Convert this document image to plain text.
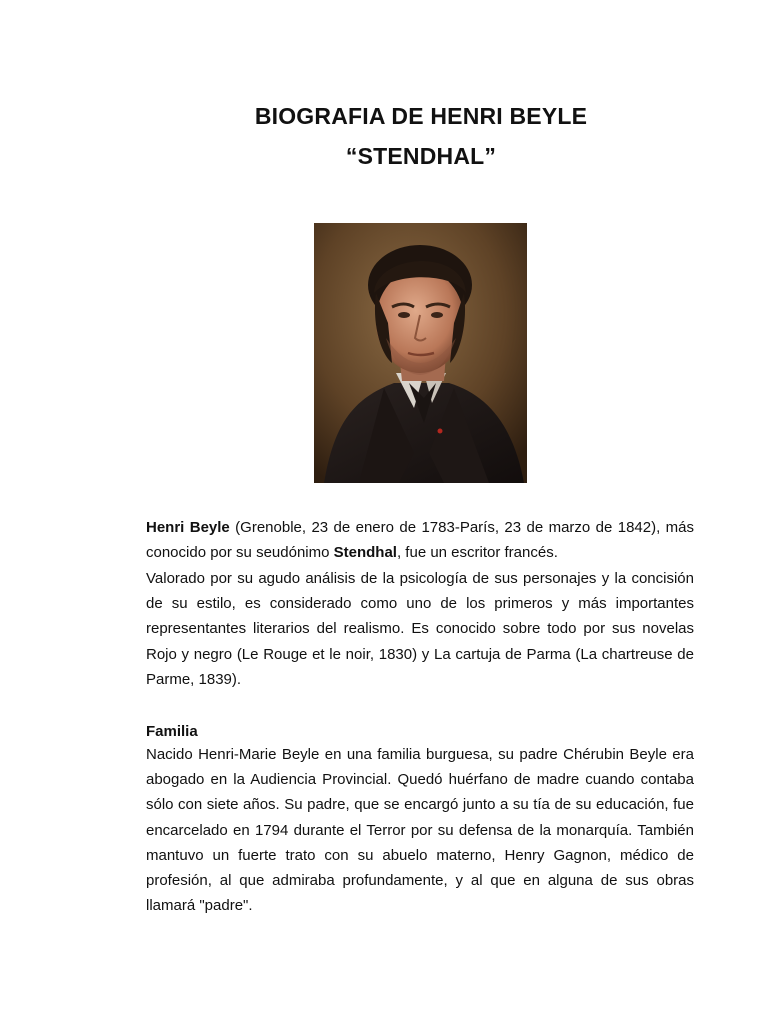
BIOGRAFIA DE HENRI BEYLE
“STENDHAL”

Henri Beyle (Grenoble, 23 de enero de 1783-París, 23 de marzo de 1842), más conocido por su seudónimo Stendhal, fue un escritor francés.

Valorado por su agudo análisis de la psicología de sus personajes y la concisión de su estilo, es considerado como uno de los primeros y más importantes representantes literarios del realismo. Es conocido sobre todo por sus novelas Rojo y negro (Le Rouge et le noir, 1830) y La cartuja de Parma (La chartreuse de Parme, 1839).

Familia

Nacido Henri-Marie Beyle en una familia burguesa, su padre Chérubin Beyle era abogado en la Audiencia Provincial. Quedó huérfano de madre cuando contaba sólo con siete años. Su padre, que se encargó junto a su tía de su educación, fue encarcelado en 1794 durante el Terror por su defensa de la monarquía. También mantuvo un fuerte trato con su abuelo materno, Henry Gagnon, médico de profesión, al que admiraba profundamente, y al que en alguna de sus obras llamará "padre".
